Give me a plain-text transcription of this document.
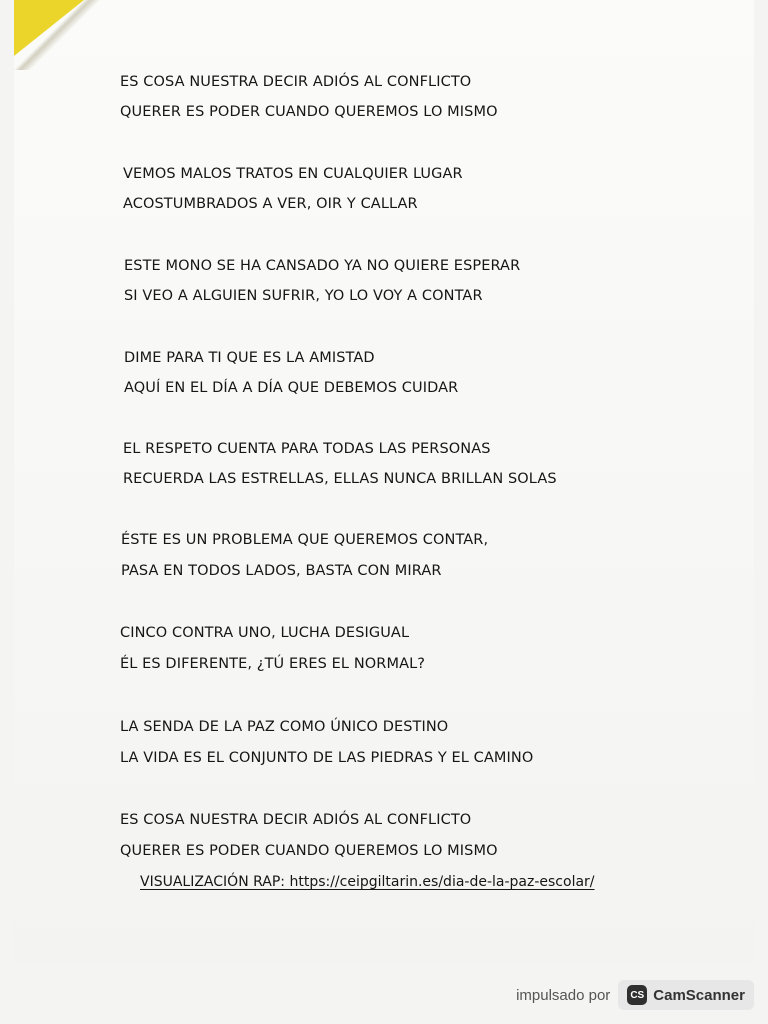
ES COSA NUESTRA DECIR ADIÓS AL CONFLICTO
QUERER ES PODER CUANDO QUEREMOS LO MISMO
VEMOS MALOS TRATOS EN CUALQUIER LUGAR
ACOSTUMBRADOS A VER, OIR Y CALLAR
ESTE MONO SE HA CANSADO YA NO QUIERE ESPERAR
SI VEO A ALGUIEN SUFRIR, YO LO VOY A CONTAR
DIME PARA TI QUE ES LA AMISTAD
AQUÍ EN EL DÍA A DÍA QUE DEBEMOS CUIDAR
EL RESPETO CUENTA PARA TODAS LAS PERSONAS
RECUERDA LAS ESTRELLAS, ELLAS NUNCA BRILLAN SOLAS
ÉSTE ES UN PROBLEMA QUE QUEREMOS CONTAR,
PASA EN TODOS LADOS, BASTA CON MIRAR
CINCO CONTRA UNO, LUCHA DESIGUAL
ÉL ES DIFERENTE, ¿TÚ ERES EL NORMAL?
LA SENDA DE LA PAZ COMO ÚNICO DESTINO
LA VIDA ES EL CONJUNTO DE LAS PIEDRAS Y EL CAMINO
ES COSA NUESTRA DECIR ADIÓS AL CONFLICTO
QUERER ES PODER CUANDO QUEREMOS LO MISMO
VISUALIZACIÓN RAP: https://ceipgiltarin.es/dia-de-la-paz-escolar/
impulsado por	CS CamScanner
